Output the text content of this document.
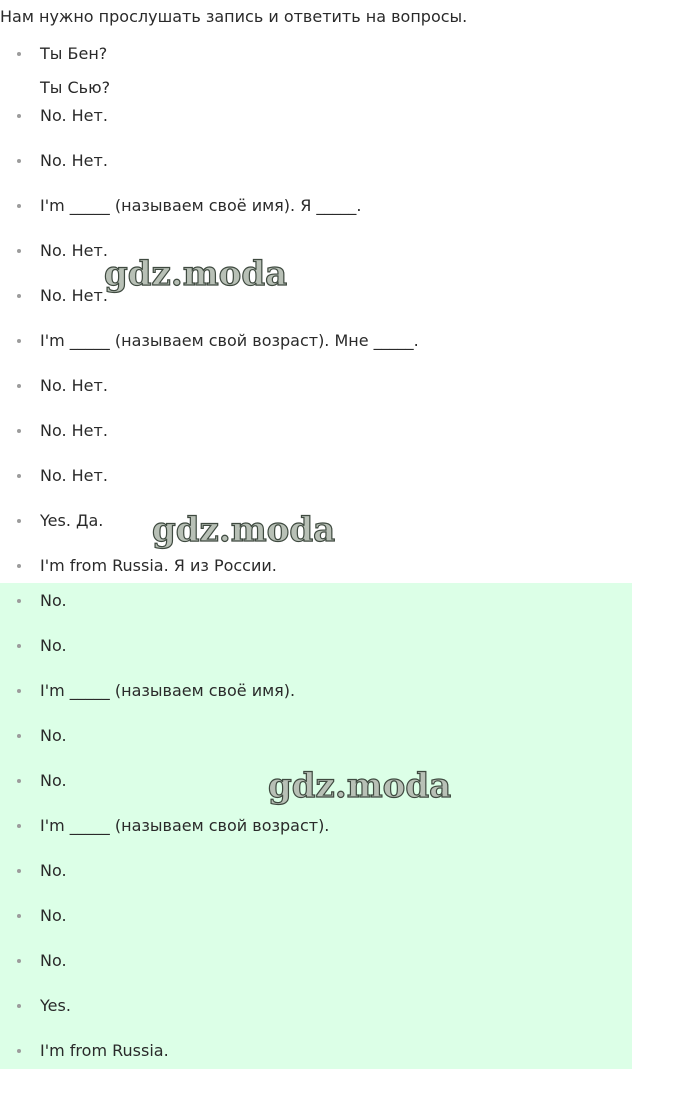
Нам нужно прослушать запись и ответить на вопросы.
Ты Бен?
Ты Сью?
No. Нет.
No. Нет.
I'm _____ (называем своё имя). Я _____.
No. Нет.
No. Нет.
I'm _____ (называем свой возраст). Мне _____.
No. Нет.
No. Нет.
No. Нет.
Yes. Да.
I'm from Russia. Я из России.
No.
No.
I'm _____ (называем своё имя).
No.
No.
I'm _____ (называем свой возраст).
No.
No.
No.
Yes.
I'm from Russia.
gdz.moda
gdz.moda
gdz.moda
